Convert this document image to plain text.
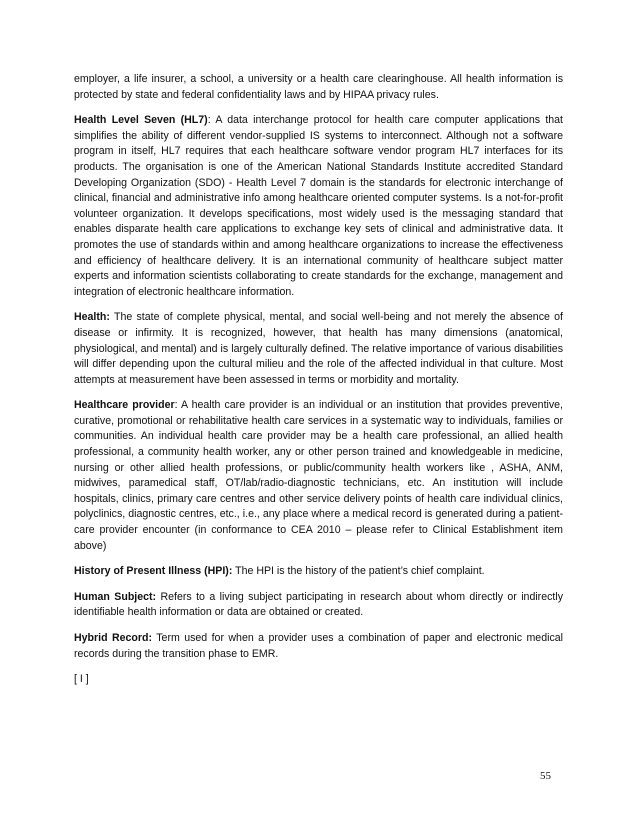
employer, a life insurer, a school, a university or a health care clearinghouse. All health information is protected by state and federal confidentiality laws and by HIPAA privacy rules.

Health Level Seven (HL7): A data interchange protocol for health care computer applications that simplifies the ability of different vendor-supplied IS systems to interconnect. Although not a software program in itself, HL7 requires that each healthcare software vendor program HL7 interfaces for its products. The organisation is one of the American National Standards Institute accredited Standard Developing Organization (SDO) - Health Level 7 domain is the standards for electronic interchange of clinical, financial and administrative info among healthcare oriented computer systems. Is a not-for-profit volunteer organization. It develops specifications, most widely used is the messaging standard that enables disparate health care applications to exchange key sets of clinical and administrative data. It promotes the use of standards within and among healthcare organizations to increase the effectiveness and efficiency of healthcare delivery. It is an international community of healthcare subject matter experts and information scientists collaborating to create standards for the exchange, management and integration of electronic healthcare information.

Health: The state of complete physical, mental, and social well-being and not merely the absence of disease or infirmity. It is recognized, however, that health has many dimensions (anatomical, physiological, and mental) and is largely culturally defined. The relative importance of various disabilities will differ depending upon the cultural milieu and the role of the affected individual in that culture. Most attempts at measurement have been assessed in terms or morbidity and mortality.

Healthcare provider: A health care provider is an individual or an institution that provides preventive, curative, promotional or rehabilitative health care services in a systematic way to individuals, families or communities. An individual health care provider may be a health care professional, an allied health professional, a community health worker, any or other person trained and knowledgeable in medicine, nursing or other allied health professions, or public/community health workers like , ASHA, ANM, midwives, paramedical staff, OT/lab/radio-diagnostic technicians, etc. An institution will include hospitals, clinics, primary care centres and other service delivery points of health care individual clinics, polyclinics, diagnostic centres, etc., i.e., any place where a medical record is generated during a patient-care provider encounter (in conformance to CEA 2010 – please refer to Clinical Establishment item above)

History of Present Illness (HPI): The HPI is the history of the patient’s chief complaint.

Human Subject: Refers to a living subject participating in research about whom directly or indirectly identifiable health information or data are obtained or created.

Hybrid Record: Term used for when a provider uses a combination of paper and electronic medical records during the transition phase to EMR.

[ I ]

55
